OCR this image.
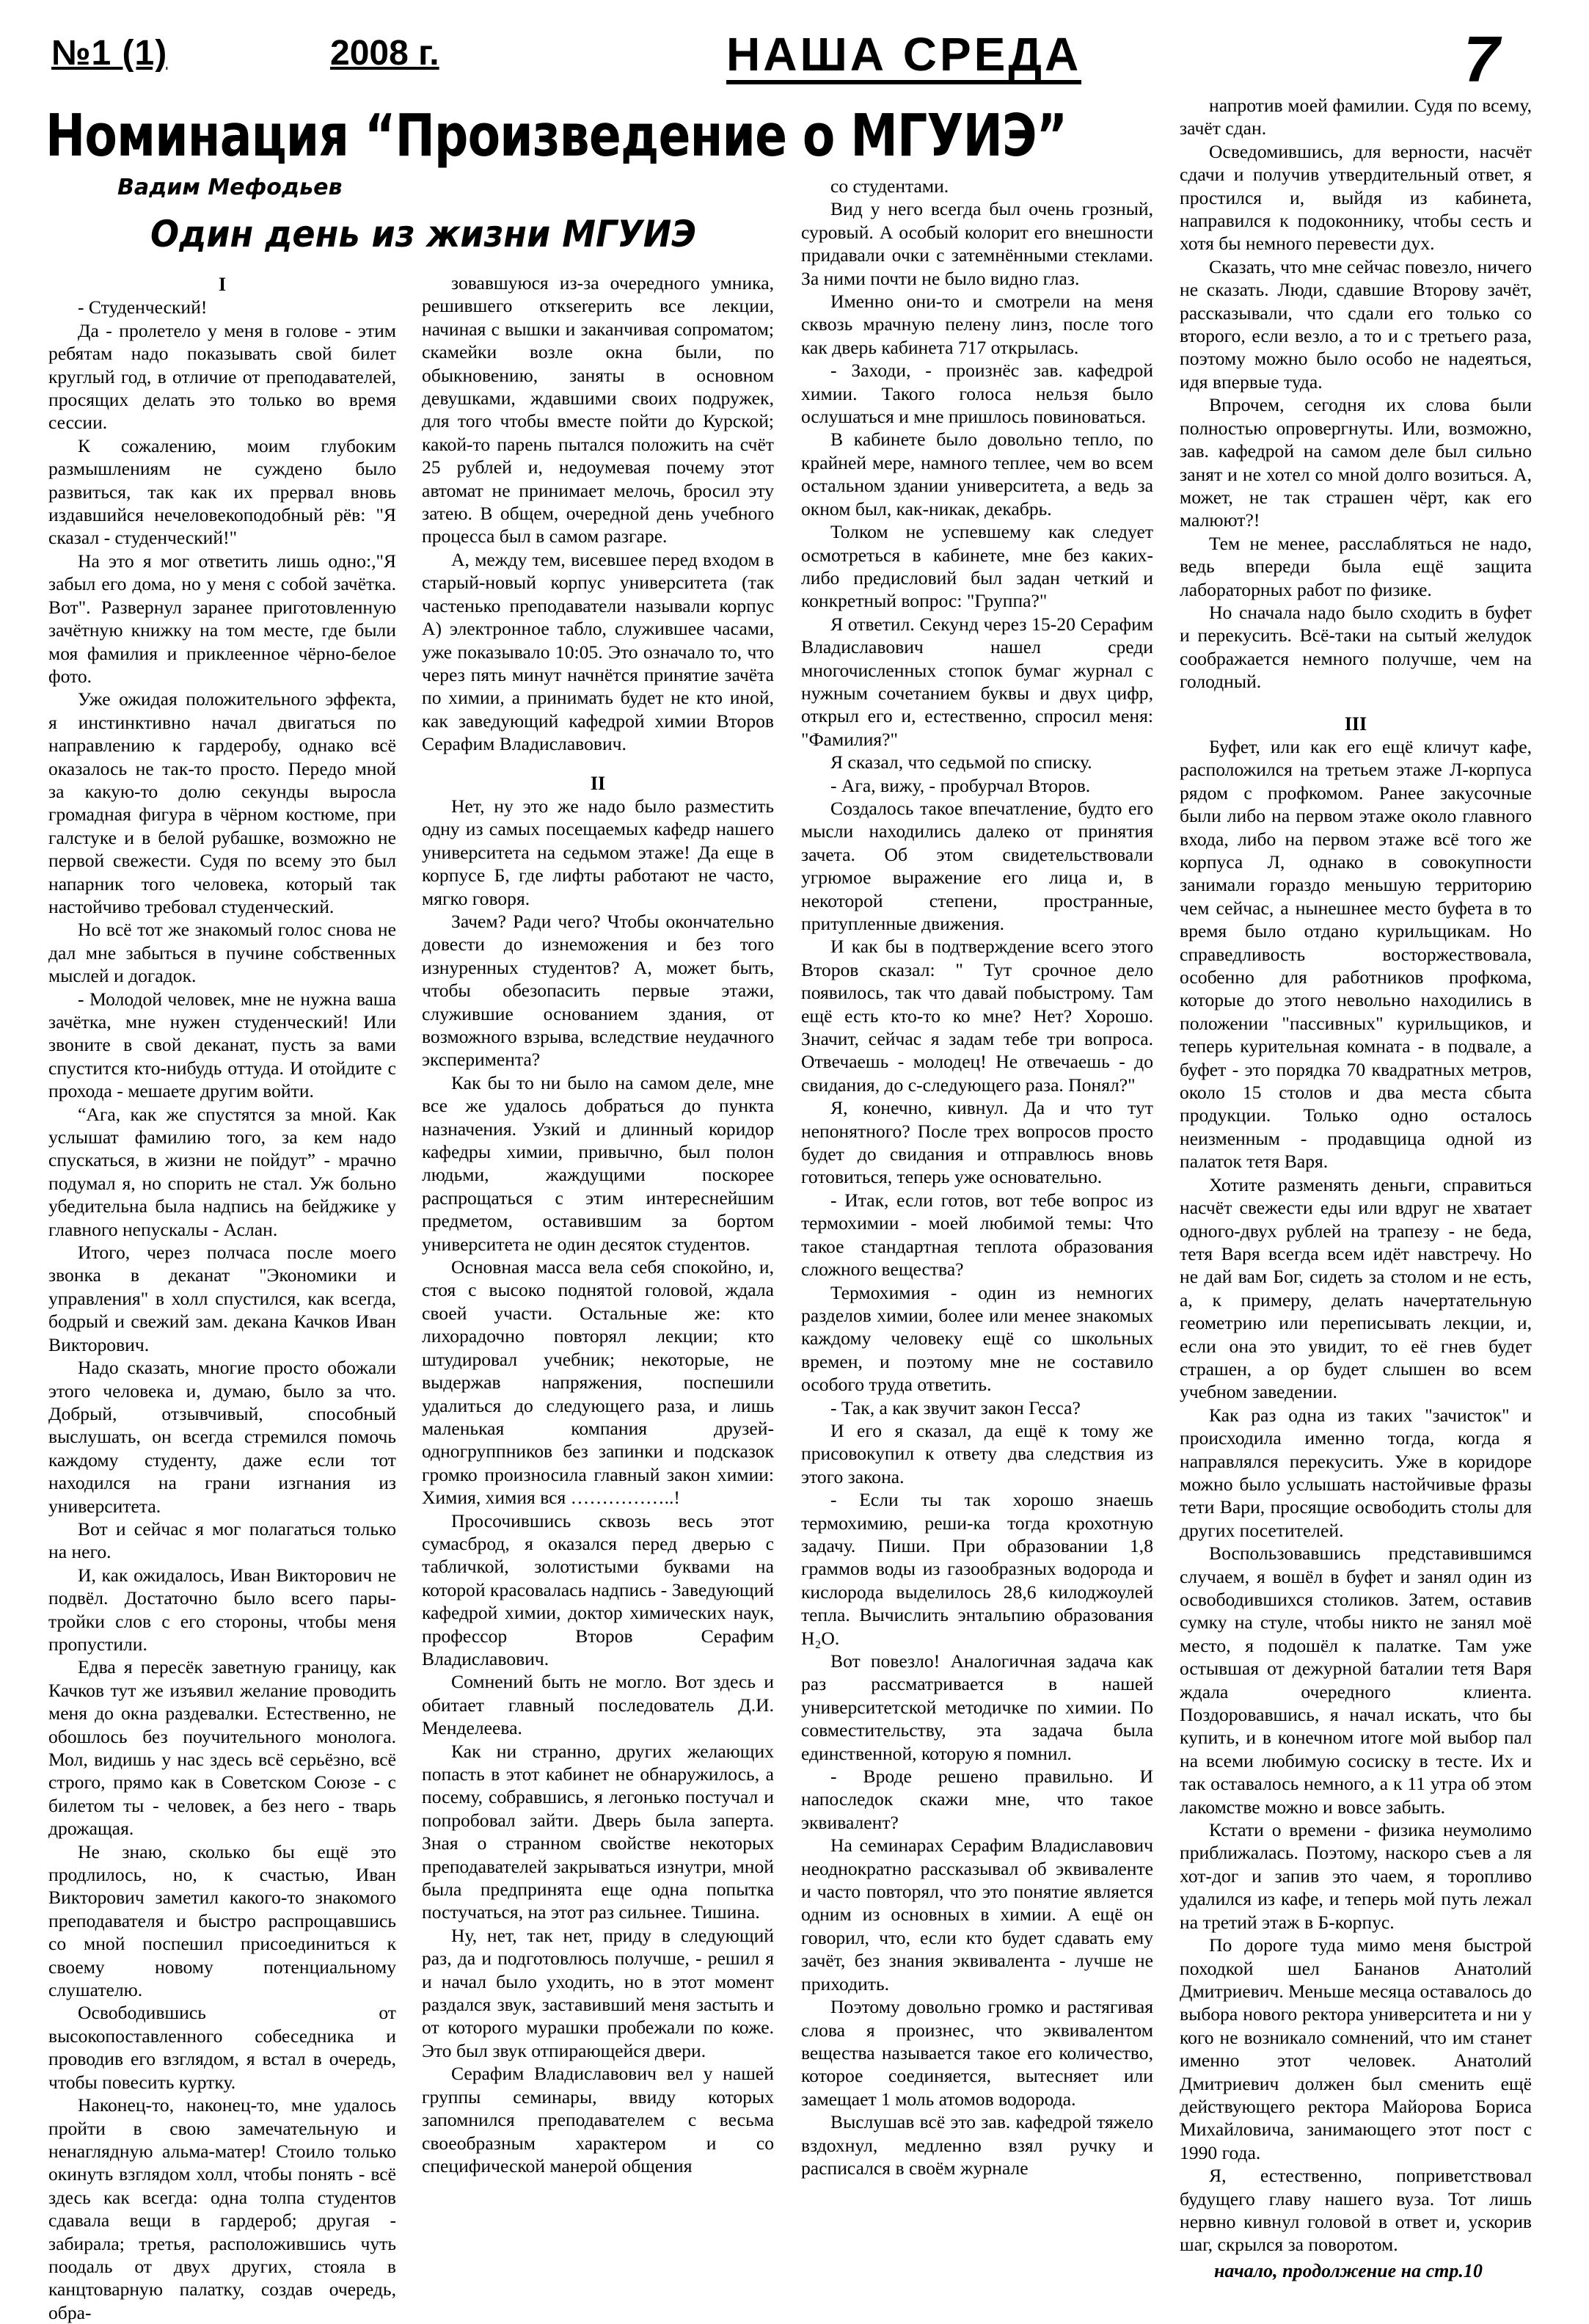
№1 (1)	2008 г.	НАША СРЕДА	7
Номинация “Произведение о МГУИЭ”
Вадим Мефодьев
Один день из жизни МГУИЭ

I

- Студенческий!

Да - пролетело у меня в голове - этим ребятам надо показывать свой билет круглый год, в отличие от преподавателей, просящих делать это только во время сессии.

К сожалению, моим глубоким размышлениям не суждено было развиться, так как их прервал вновь издавшийся нечеловекоподобный рёв: "Я сказал - студенческий!"

На это я мог ответить лишь одно:,"Я забыл его дома, но у меня с собой зачётка. Вот". Развернул заранее приготовленную зачётную книжку на том месте, где были моя фамилия и приклеенное чёрно-белое фото.

Уже ожидая положительного эффекта, я инстинктивно начал двигаться по направлению к гардеробу, однако всё оказалось не так-то просто. Передо мной за какую-то долю секунды выросла громадная фигура в чёрном костюме, при галстуке и в белой рубашке, возможно не первой свежести. Судя по всему это был напарник того человека, который так настойчиво требовал студенческий.

Но всё тот же знакомый голос снова не дал мне забыться в пучине собственных мыслей и догадок.

- Молодой человек, мне не нужна ваша зачётка, мне нужен студенческий! Или звоните в свой деканат, пусть за вами спустится кто-нибудь оттуда. И отойдите с прохода - мешаете другим войти.

“Ага, как же спустятся за мной. Как услышат фамилию того, за кем надо спускаться, в жизни не пойдут” - мрачно подумал я, но спорить не стал. Уж больно убедительна была надпись на бейджике у главного непускалы - Аслан.

Итого, через полчаса после моего звонка в деканат "Экономики и управления" в холл спустился, как всегда, бодрый и свежий зам. декана Качков Иван Викторович.

Надо сказать, многие просто обожали этого человека и, думаю, было за что. Добрый, отзывчивый, способный выслушать, он всегда стремился помочь каждому студенту, даже если тот находился на грани изгнания из университета.

Вот и сейчас я мог полагаться только на него.

И, как ожидалось, Иван Викторович не подвёл. Достаточно было всего пары-тройки слов с его стороны, чтобы меня пропустили.

Едва я пересёк заветную границу, как Качков тут же изъявил желание проводить меня до окна раздевалки. Естественно, не обошлось без поучительного монолога. Мол, видишь у нас здесь всё серьёзно, всё строго, прямо как в Советском Союзе - с билетом ты - человек, а без него - тварь дрожащая.

Не знаю, сколько бы ещё это продлилось, но, к счастью, Иван Викторович заметил какого-то знакомого преподавателя и быстро распрощавшись со мной поспешил присоединиться к своему новому потенциальному слушателю.

Освободившись от высокопоставленного собеседника и проводив его взглядом, я встал в очередь, чтобы повесить куртку.

Наконец-то, наконец-то, мне удалось пройти в свою замечательную и ненаглядную альма-матер! Стоило только окинуть взглядом холл, чтобы понять - всё здесь как всегда: одна толпа студентов сдавала вещи в гардероб; другая - забирала; третья, расположившись чуть поодаль от двух других, стояла в канцтоварную палатку, создав очередь, обра-

зовавшуюся из-за очередного умника, решившего откserepить все лекции, начиная с вышки и заканчивая сопроматом; скамейки возле окна были, по обыкновению, заняты в основном девушками, ждавшими своих подружек, для того чтобы вместе пойти до Курской; какой-то парень пытался положить на счёт 25 рублей и, недоумевая почему этот автомат не принимает мелочь, бросил эту затею. В общем, очередной день учебного процесса был в самом разгаре.

А, между тем, висевшее перед входом в старый-новый корпус университета (так частенько преподаватели называли корпус А) электронное табло, служившее часами, уже показывало 10:05. Это означало то, что через пять минут начнётся принятие зачёта по химии, а принимать будет не кто иной, как заведующий кафедрой химии Второв Серафим Владиславович.

II

Нет, ну это же надо было разместить одну из самых посещаемых кафедр нашего университета на седьмом этаже! Да еще в корпусе Б, где лифты работают не часто, мягко говоря.

Зачем? Ради чего? Чтобы окончательно довести до изнеможения и без того изнуренных студентов? А, может быть, чтобы обезопасить первые этажи, служившие основанием здания, от возможного взрыва, вследствие неудачного эксперимента?

Как бы то ни было на самом деле, мне все же удалось добраться до пункта назначения. Узкий и длинный коридор кафедры химии, привычно, был полон людьми, жаждущими поскорее распрощаться с этим интереснейшим предметом, оставившим за бортом университета не один десяток студентов.

Основная масса вела себя спокойно, и, стоя с высоко поднятой головой, ждала своей участи. Остальные же: кто лихорадочно повторял лекции; кто штудировал учебник; некоторые, не выдержав напряжения, поспешили удалиться до следующего раза, и лишь маленькая компания друзей-одногруппников без запинки и подсказок громко произносила главный закон химии: Химия, химия вся ……………..!

Просочившись сквозь весь этот сумасброд, я оказался перед дверью с табличкой, золотистыми буквами на которой красовалась надпись - Заведующий кафедрой химии, доктор химических наук, профессор Второв Серафим Владиславович.

Сомнений быть не могло. Вот здесь и обитает главный последователь Д.И. Менделеева.

Как ни странно, других желающих попасть в этот кабинет не обнаружилось, а посему, собравшись, я легонько постучал и попробовал зайти. Дверь была заперта. Зная о странном свойстве некоторых преподавателей закрываться изнутри, мной была предпринята еще одна попытка постучаться, на этот раз сильнее. Тишина.

Ну, нет, так нет, приду в следующий раз, да и подготовлюсь получше, - решил я и начал было уходить, но в этот момент раздался звук, заставивший меня застыть и от которого мурашки пробежали по коже. Это был звук отпирающейся двери.

Серафим Владиславович вел у нашей группы семинары, ввиду которых запомнился преподавателем с весьма своеобразным характером и со специфической манерой общения

со студентами.

Вид у него всегда был очень грозный, суровый. А особый колорит его внешности придавали очки с затемнёнными стеклами. За ними почти не было видно глаз.

Именно они-то и смотрели на меня сквозь мрачную пелену линз, после того как дверь кабинета 717 открылась.

- Заходи, - произнёс зав. кафедрой химии. Такого голоса нельзя было ослушаться и мне пришлось повиноваться.

В кабинете было довольно тепло, по крайней мере, намного теплее, чем во всем остальном здании университета, а ведь за окном был, как-никак, декабрь.

Толком не успевшему как следует осмотреться в кабинете, мне без каких-либо предисловий был задан четкий и конкретный вопрос: "Группа?"

Я ответил. Секунд через 15-20 Серафим Владиславович нашел среди многочисленных стопок бумаг журнал с нужным сочетанием буквы и двух цифр, открыл его и, естественно, спросил меня: "Фамилия?"

Я сказал, что седьмой по списку.

- Ага, вижу, - пробурчал Второв.

Создалось такое впечатление, будто его мысли находились далеко от принятия зачета. Об этом свидетельствовали угрюмое выражение его лица и, в некоторой степени, пространные, притупленные движения.

И как бы в подтверждение всего этого Второв сказал: " Тут срочное дело появилось, так что давай побыстрому. Там ещё есть кто-то ко мне? Нет? Хорошо. Значит, сейчас я задам тебе три вопроса. Отвечаешь - молодец! Не отвечаешь - до свидания, до с-следующего раза. Понял?"

Я, конечно, кивнул. Да и что тут непонятного? После трех вопросов просто будет до свидания и отправлюсь вновь готовиться, теперь уже основательно.

- Итак, если готов, вот тебе вопрос из термохимии - моей любимой темы: Что такое стандартная теплота образования сложного вещества?

Термохимия - один из немногих разделов химии, более или менее знакомых каждому человеку ещё со школьных времен, и поэтому мне не составило особого труда ответить.

- Так, а как звучит закон Гесса?

И его я сказал, да ещё к тому же присовокупил к ответу два следствия из этого закона.

- Если ты так хорошо знаешь термохимию, реши-ка тогда крохотную задачу. Пиши. При образовании 1,8 граммов воды из газообразных водорода и кислорода выделилось 28,6 килоджоулей тепла. Вычислить энтальпию образования H₂O.

Вот повезло! Аналогичная задача как раз рассматривается в нашей университетской методичке по химии. По совместительству, эта задача была единственной, которую я помнил.

- Вроде решено правильно. И напоследок скажи мне, что такое эквивалент?

На семинарах Серафим Владиславович неоднократно рассказывал об эквиваленте и часто повторял, что это понятие является одним из основных в химии. А ещё он говорил, что, если кто будет сдавать ему зачёт, без знания эквивалента - лучше не приходить.

Поэтому довольно громко и растягивая слова я произнес, что эквивалентом вещества называется такое его количество, которое соединяется, вытесняет или замещает 1 моль атомов водорода.

Выслушав всё это зав. кафедрой тяжело вздохнул, медленно взял ручку и расписался в своём журнале

напротив моей фамилии. Судя по всему, зачёт сдан.

Осведомившись, для верности, насчёт сдачи и получив утвердительный ответ, я простился и, выйдя из кабинета, направился к подоконнику, чтобы сесть и хотя бы немного перевести дух.

Сказать, что мне сейчас повезло, ничего не сказать. Люди, сдавшие Второву зачёт, рассказывали, что сдали его только со второго, если везло, а то и с третьего раза, поэтому можно было особо не надеяться, идя впервые туда.

Впрочем, сегодня их слова были полностью опровергнуты. Или, возможно, зав. кафедрой на самом деле был сильно занят и не хотел со мной долго возиться. А, может, не так страшен чёрт, как его малюют?!

Тем не менее, расслабляться не надо, ведь впереди была ещё защита лабораторных работ по физике.

Но сначала надо было сходить в буфет и перекусить. Всё-таки на сытый желудок соображается немного получше, чем на голодный.

III

Буфет, или как его ещё кличут кафе, расположился на третьем этаже Л-корпуса рядом с профкомом. Ранее закусочные были либо на первом этаже около главного входа, либо на первом этаже всё того же корпуса Л, однако в совокупности занимали гораздо меньшую территорию чем сейчас, а нынешнее место буфета в то время было отдано курильщикам. Но справедливость восторжествовала, особенно для работников профкома, которые до этого невольно находились в положении "пассивных" курильщиков, и теперь курительная комната - в подвале, а буфет - это порядка 70 квадратных метров, около 15 столов и два места сбыта продукции. Только одно осталось неизменным - продавщица одной из палаток тетя Варя.

Хотите разменять деньги, справиться насчёт свежести еды или вдруг не хватает одного-двух рублей на трапезу - не беда, тетя Варя всегда всем идёт навстречу. Но не дай вам Бог, сидеть за столом и не есть, а, к примеру, делать начертательную геометрию или переписывать лекции, и, если она это увидит, то её гнев будет страшен, а ор будет слышен во всем учебном заведении.

Как раз одна из таких "зачисток" и происходила именно тогда, когда я направлялся перекусить. Уже в коридоре можно было услышать настойчивые фразы тети Вари, просящие освободить столы для других посетителей.

Воспользовавшись представившимся случаем, я вошёл в буфет и занял один из освободившихся столиков. Затем, оставив сумку на стуле, чтобы никто не занял моё место, я подошёл к палатке. Там уже остывшая от дежурной баталии тетя Варя ждала очередного клиента. Поздоровавшись, я начал искать, что бы купить, и в конечном итоге мой выбор пал на всеми любимую сосиску в тесте. Их и так оставалось немного, а к 11 утра об этом лакомстве можно и вовсе забыть.

Кстати о времени - физика неумолимо приближалась. Поэтому, наскоро съев а ля хот-дог и запив это чаем, я торопливо удалился из кафе, и теперь мой путь лежал на третий этаж в Б-корпус.

По дороге туда мимо меня быстрой походкой шел Бананов Анатолий Дмитриевич. Меньше месяца оставалось до выбора нового ректора университета и ни у кого не возникало сомнений, что им станет именно этот человек. Анатолий Дмитриевич должен был сменить ещё действующего ректора Майорова Бориса Михайловича, занимающего этот пост с 1990 года.

Я, естественно, поприветствовал будущего главу нашего вуза. Тот лишь нервно кивнул головой в ответ и, ускорив шаг, скрылся за поворотом.

начало, продолжение на стр.10
